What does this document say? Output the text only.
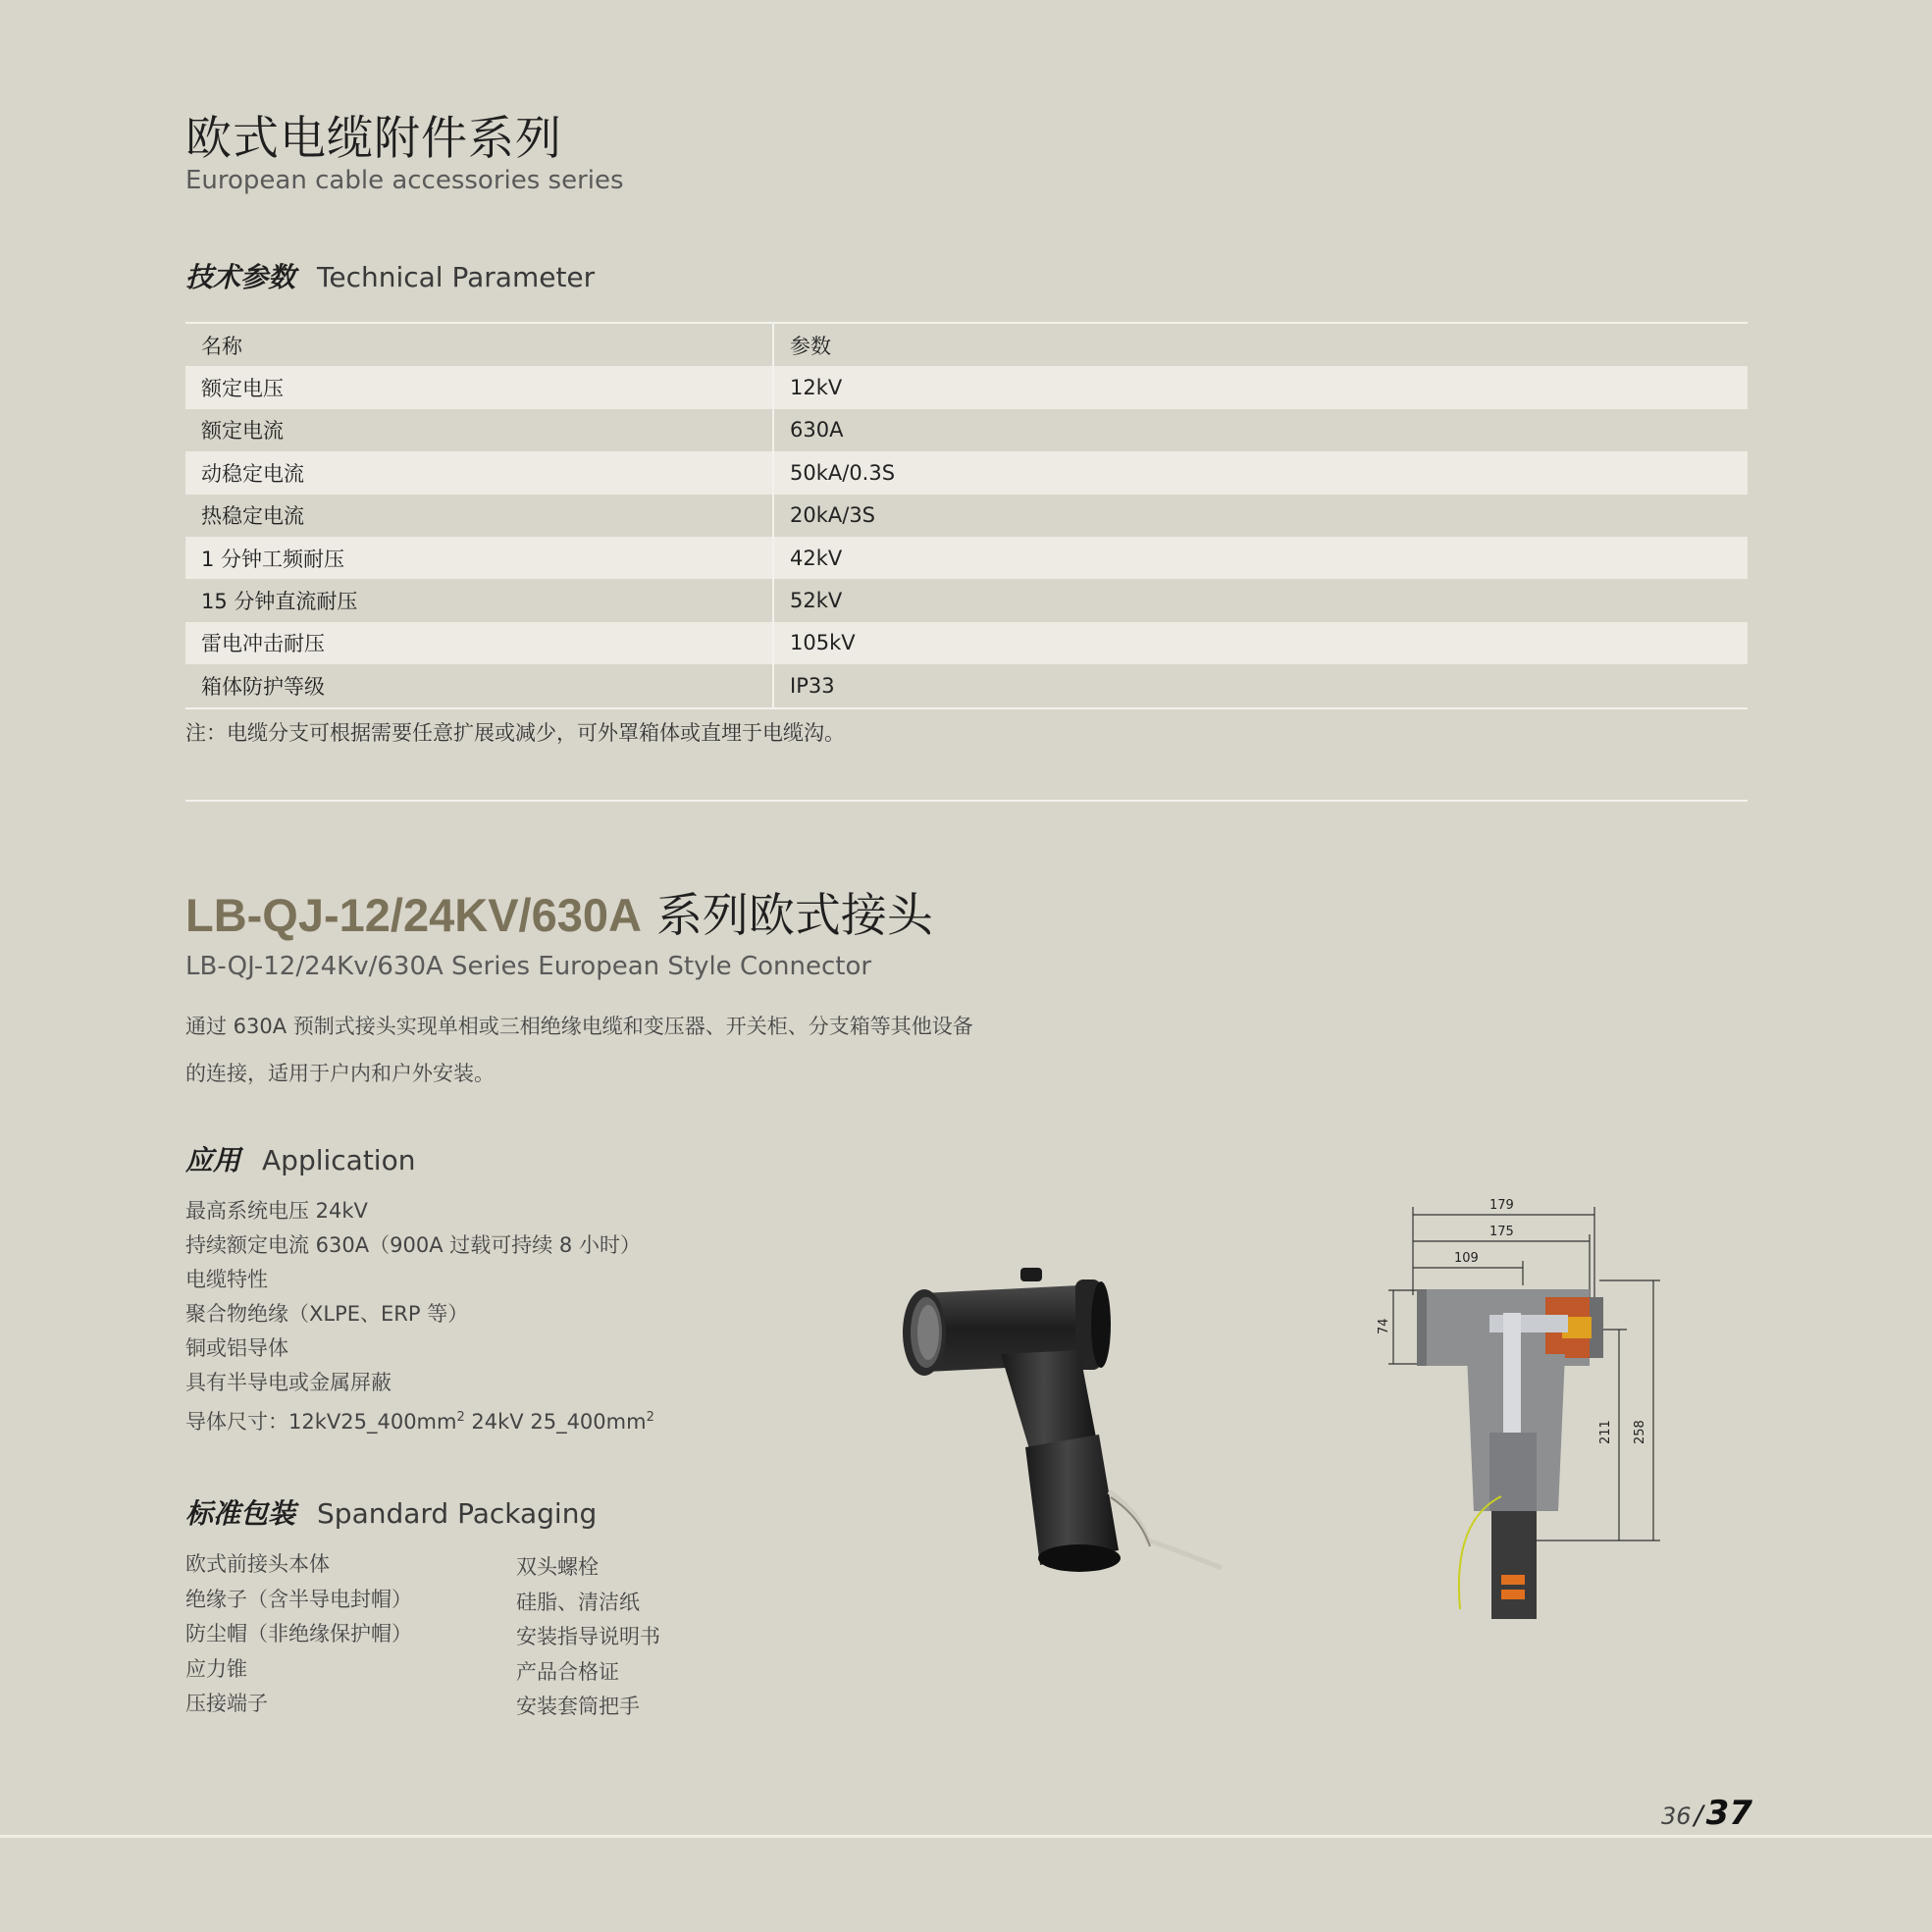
欧式电缆附件系列
European cable accessories series
技术参数 Technical Parameter
名称	参数
额定电压	12kV
额定电流	630A
动稳定电流	50kA/0.3S
热稳定电流	20kA/3S
1 分钟工频耐压	42kV
15 分钟直流耐压	52kV
雷电冲击耐压	105kV
箱体防护等级	IP33
注：电缆分支可根据需要任意扩展或减少，可外罩箱体或直埋于电缆沟。
LB-QJ-12/24KV/630A 系列欧式接头
LB-QJ-12/24Kv/630A Series European Style Connector
通过 630A 预制式接头实现单相或三相绝缘电缆和变压器、开关柜、分支箱等其他设备
的连接，适用于户内和户外安装。
应用 Application
最高系统电压 24kV
持续额定电流 630A（900A 过载可持续 8 小时）
电缆特性
聚合物绝缘（XLPE、ERP 等）
铜或铝导体
具有半导电或金属屏蔽
导体尺寸：$12kV25\_400mm^2$ 24kV $25\_400mm^2$
标准包装 Spandard Packaging
欧式前接头本体
绝缘子（含半导电封帽）
防尘帽（非绝缘保护帽）
应力锥
压接端子
双头螺栓
硅脂、清洁纸
安装指导说明书
产品合格证
安装套筒把手
179
175
109
74
211 258
36 /37
